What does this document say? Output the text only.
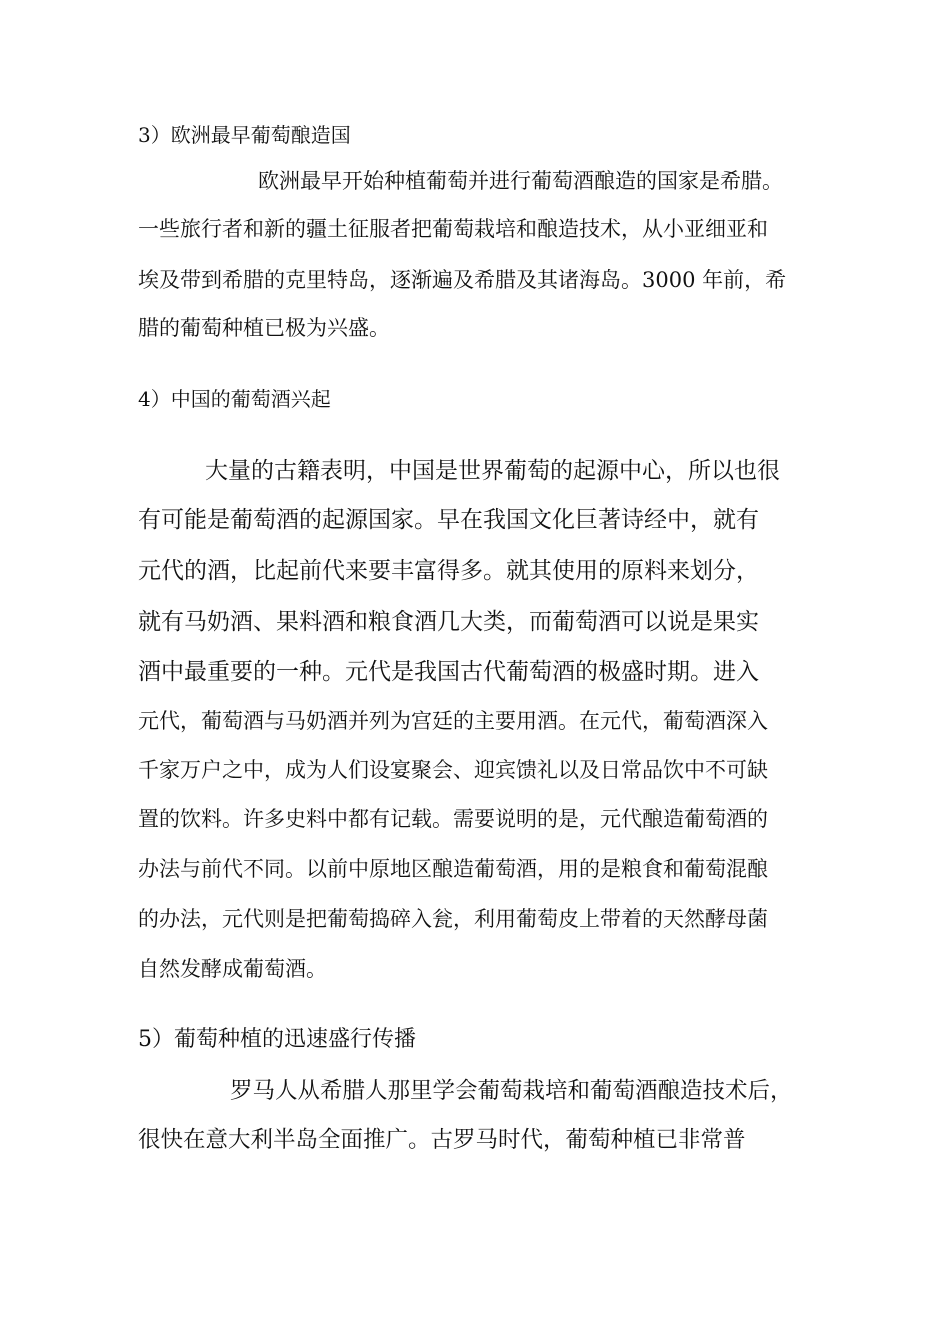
3）欧洲最早葡萄酿造国
欧洲最早开始种植葡萄并进行葡萄酒酿造的国家是希腊。
一些旅行者和新的疆土征服者把葡萄栽培和酿造技术，从小亚细亚和
埃及带到希腊的克里特岛，逐渐遍及希腊及其诸海岛。3000 年前，希
腊的葡萄种植已极为兴盛。
4）中国的葡萄酒兴起
大量的古籍表明，中国是世界葡萄的起源中心，所以也很
有可能是葡萄酒的起源国家。早在我国文化巨著诗经中，就有
元代的酒，比起前代来要丰富得多。就其使用的原料来划分，
就有马奶酒、果料酒和粮食酒几大类，而葡萄酒可以说是果实
酒中最重要的一种。元代是我国古代葡萄酒的极盛时期。进入
元代，葡萄酒与马奶酒并列为宫廷的主要用酒。在元代，葡萄酒深入
千家万户之中，成为人们设宴聚会、迎宾馈礼以及日常品饮中不可缺
置的饮料。许多史料中都有记载。需要说明的是，元代酿造葡萄酒的
办法与前代不同。以前中原地区酿造葡萄酒，用的是粮食和葡萄混酿
的办法，元代则是把葡萄捣碎入瓮，利用葡萄皮上带着的天然酵母菌
自然发酵成葡萄酒。
5）葡萄种植的迅速盛行传播
罗马人从希腊人那里学会葡萄栽培和葡萄酒酿造技术后，
很快在意大利半岛全面推广。古罗马时代，葡萄种植已非常普
